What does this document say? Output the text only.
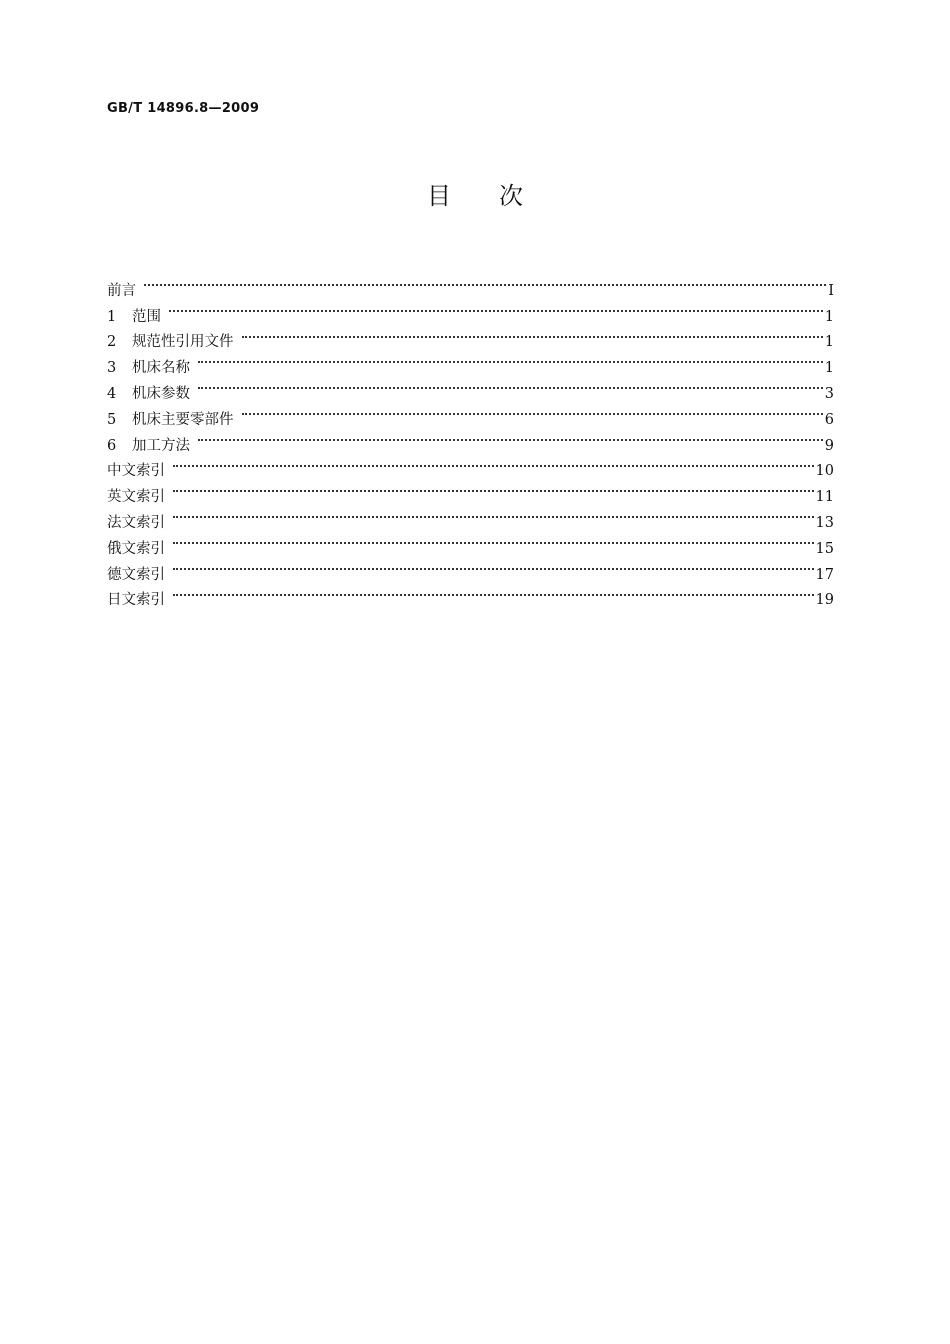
GB/T 14896.8—2009
目 次
前言	I
1	范围	1
2	规范性引用文件	1
3	机床名称	1
4	机床参数	3
5	机床主要零部件	6
6	加工方法	9
中文索引	10
英文索引	11
法文索引	13
俄文索引	15
德文索引	17
日文索引	19
